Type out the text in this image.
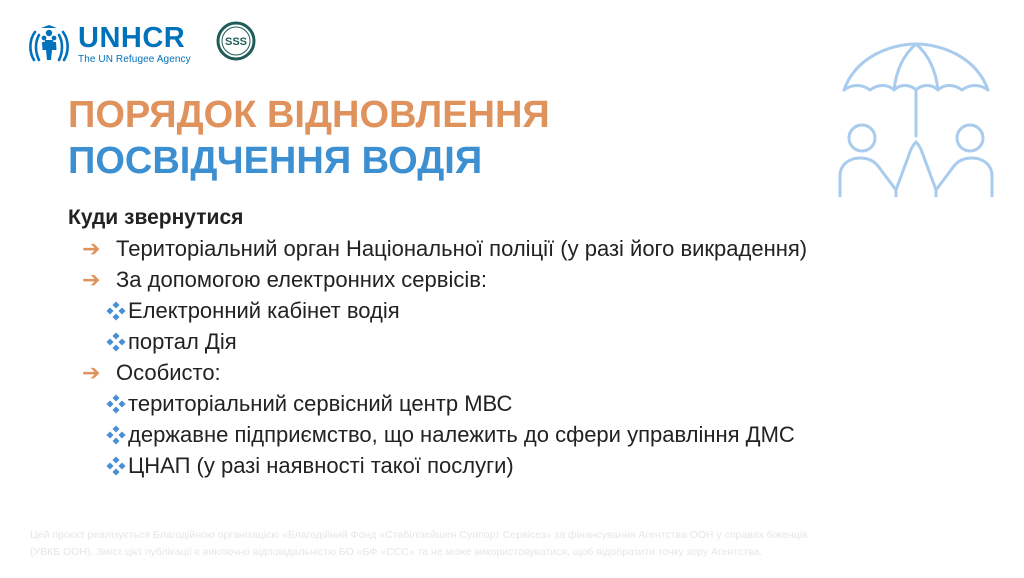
UNHCR
The UN Refugee Agency
SSS
ПОРЯДОК ВІДНОВЛЕННЯ
ПОСВІДЧЕННЯ ВОДІЯ
Куди звернутися
➔ Територіальний орган Національної поліції (у разі його викрадення)
➔ За допомогою електронних сервісів:
Електронний кабінет водія
портал Дія
➔ Особисто:
територіальний сервісний центр МВС
державне підприємство, що належить до сфери управління ДМС
ЦНАП (у разі наявності такої послуги)
Цей проєкт реалізується Благодійною організацією «Благодійний Фонд «Стабілізейшен Суппорт Сервісез» за фінансування Агентства ООН у справах біженців
(УВКБ ООН). Зміст цієї публікації є виключно відповідальністю БО «БФ «ССС» та не може використовуватися, щоб відобразити точку зору Агентства.
